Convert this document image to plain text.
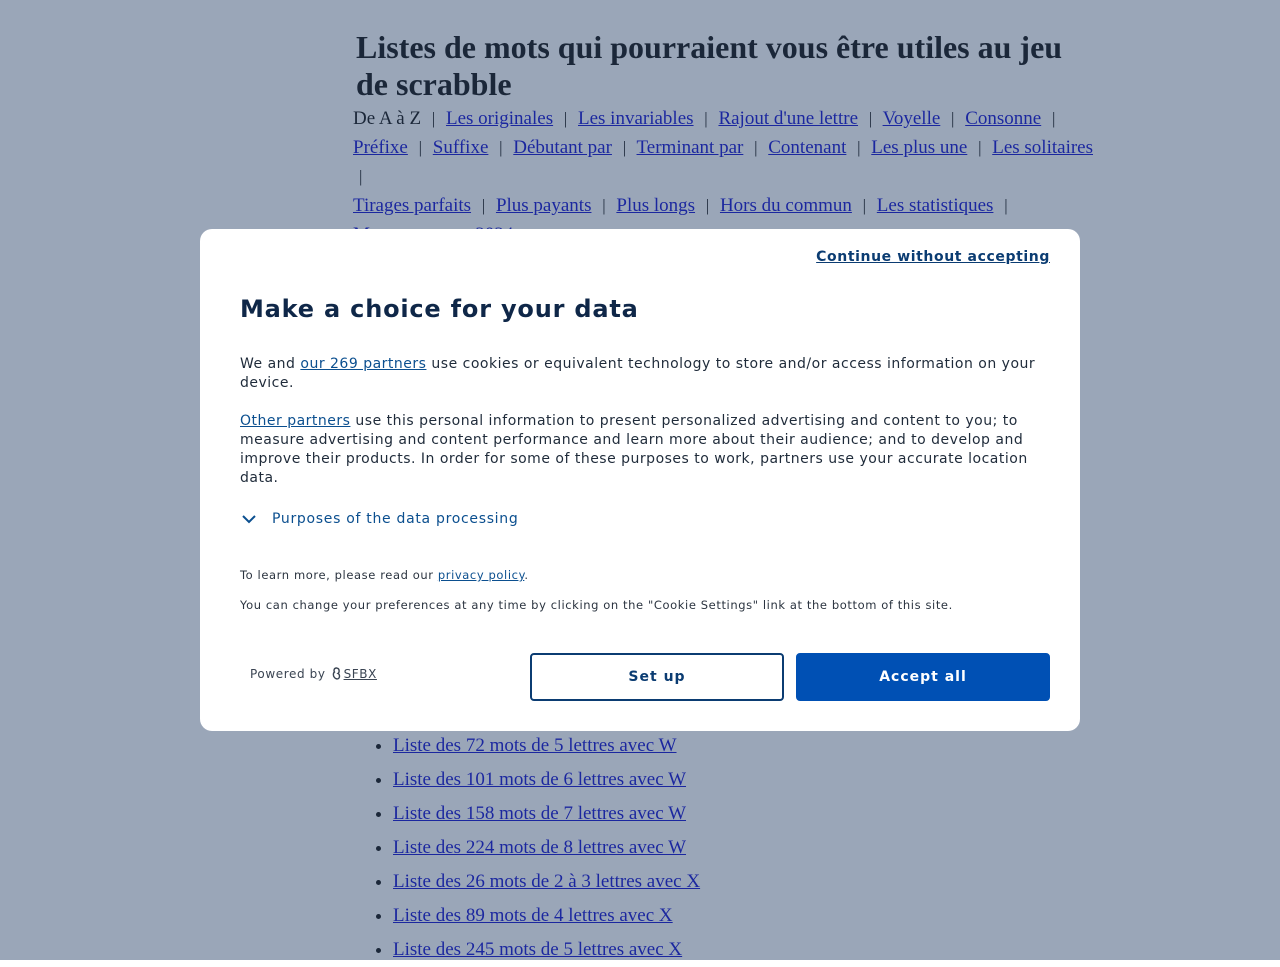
•
•
•
•
•
•
•
Continue without accepting
Make a choice for your data

We and our 269 partners use cookies or equivalent technology to store and/or access information on your device.

Other partners use this personal information to present personalized advertising and content to you; to measure advertising and content performance and learn more about their audience; and to develop and improve their products. In order for some of these purposes to work, partners use your accurate location data.

Purposes of the data processing

To learn more, please read our privacy policy.

You can change your preferences at any time by clicking on the "Cookie Settings" link at the bottom of this site.

Powered by SFBX	Set up	Accept all
